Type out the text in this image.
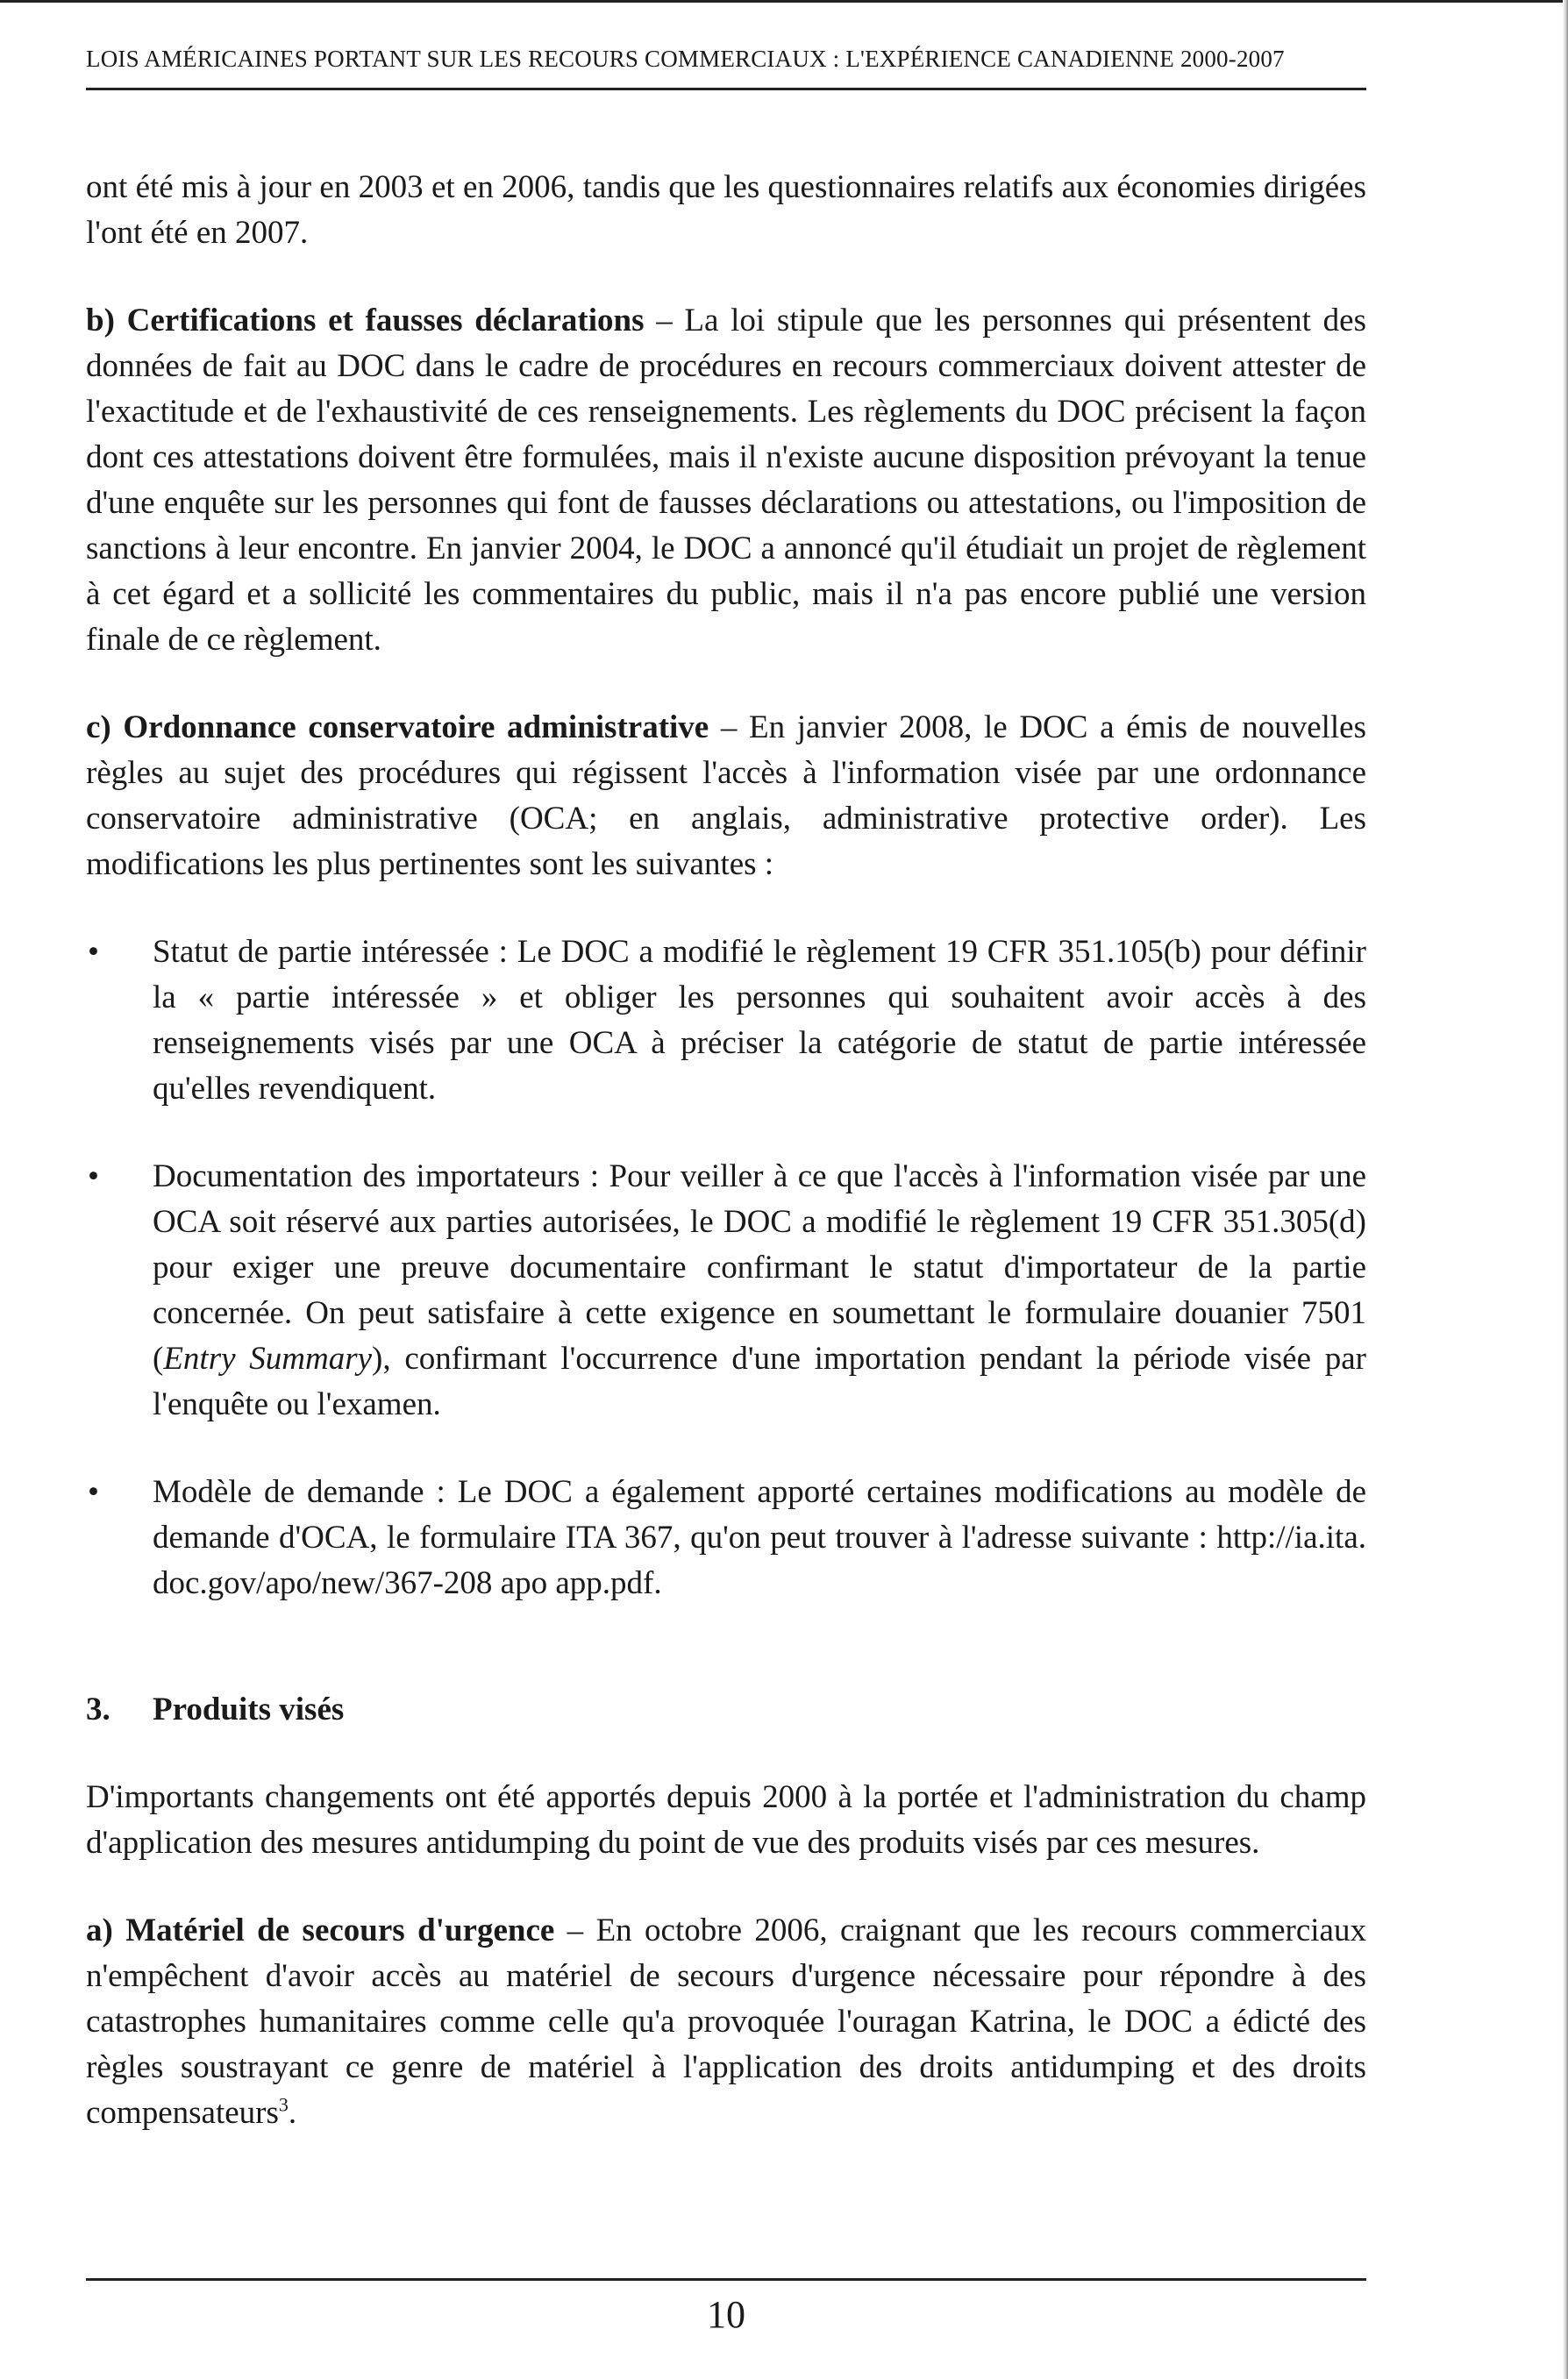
LOIS AMÉRICAINES PORTANT SUR LES RECOURS COMMERCIAUX : L'EXPÉRIENCE CANADIENNE 2000-2007

ont été mis à jour en 2003 et en 2006, tandis que les questionnaires relatifs aux économies dirigées l'ont été en 2007.

b) Certifications et fausses déclarations – La loi stipule que les personnes qui présentent des données de fait au DOC dans le cadre de procédures en recours commerciaux doivent attester de l'exactitude et de l'exhaustivité de ces renseignements. Les règlements du DOC précisent la façon dont ces attestations doivent être formulées, mais il n'existe aucune disposition prévoyant la tenue d'une enquête sur les personnes qui font de fausses déclarations ou attestations, ou l'imposition de sanctions à leur encontre. En janvier 2004, le DOC a annoncé qu'il étudiait un projet de règlement à cet égard et a sollicité les commentaires du public, mais il n'a pas encore publié une version finale de ce règlement.

c) Ordonnance conservatoire administrative – En janvier 2008, le DOC a émis de nouvelles règles au sujet des procédures qui régissent l'accès à l'information visée par une ordonnance conservatoire administrative (OCA; en anglais, administrative protective order). Les modifications les plus pertinentes sont les suivantes :

• Statut de partie intéressée : Le DOC a modifié le règlement 19 CFR 351.105(b) pour définir la « partie intéressée » et obliger les personnes qui souhaitent avoir accès à des renseignements visés par une OCA à préciser la catégorie de statut de partie intéressée qu'elles revendiquent.
• Documentation des importateurs : Pour veiller à ce que l'accès à l'information visée par une OCA soit réservé aux parties autorisées, le DOC a modifié le règlement 19 CFR 351.305(d) pour exiger une preuve documentaire confirmant le statut d'importateur de la partie concernée. On peut satisfaire à cette exigence en soumettant le formulaire douanier 7501 (Entry Summary), confirmant l'occurrence d'une importation pendant la période visée par l'enquête ou l'examen.
• Modèle de demande : Le DOC a également apporté certaines modifications au modèle de demande d'OCA, le formulaire ITA 367, qu'on peut trouver à l'adresse suivante : http://ia.ita.doc.gov/apo/new/367-208 apo app.pdf.
3. Produits visés

D'importants changements ont été apportés depuis 2000 à la portée et l'administration du champ d'application des mesures antidumping du point de vue des produits visés par ces mesures.

a) Matériel de secours d'urgence – En octobre 2006, craignant que les recours commerciaux n'empêchent d'avoir accès au matériel de secours d'urgence nécessaire pour répondre à des catastrophes humanitaires comme celle qu'a provoquée l'ouragan Katrina, le DOC a édicté des règles soustrayant ce genre de matériel à l'application des droits antidumping et des droits compensateurs$^3$.

10
